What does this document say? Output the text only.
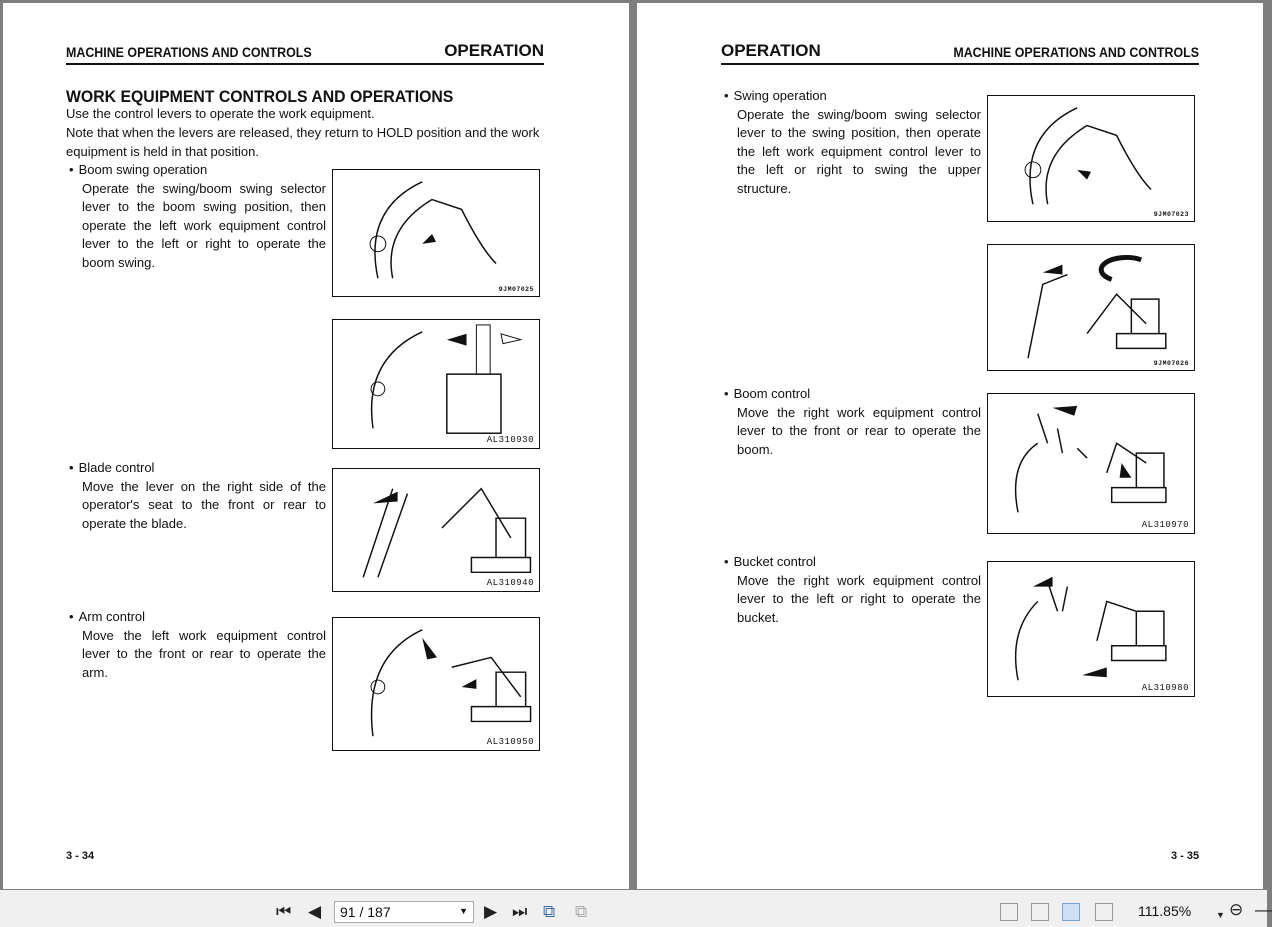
MACHINE OPERATIONS AND CONTROLS	OPERATION
WORK EQUIPMENT CONTROLS AND OPERATIONS
Use the control levers to operate the work equipment.
Note that when the levers are released, they return to HOLD position and the work equipment is held in that position.
• Boom swing operation
Operate the swing/boom swing selector lever to the boom swing position, then operate the left work equipment control lever to the left or right to operate the boom swing.
• Blade control
Move the lever on the right side of the operator's seat to the front or rear to operate the blade.
• Arm control
Move the left work equipment control lever to the front or rear to operate the arm.
9JM07025
AL310930
AL310940
AL310950
3 - 34
OPERATION	MACHINE OPERATIONS AND CONTROLS
• Swing operation
Operate the swing/boom swing selector lever to the swing position, then operate the left work equipment control lever to the left or right to swing the upper structure.
• Boom control
Move the right work equipment control lever to the front or rear to operate the boom.
• Bucket control
Move the right work equipment control lever to the left or right to operate the bucket.
9JM07023
9JM07026
AL310970
AL310980
3 - 35
⏮ ◀	91 / 187	▼ ▶ ⏭ ⧉ ⧉	111.85%	▼ ⊖ —
